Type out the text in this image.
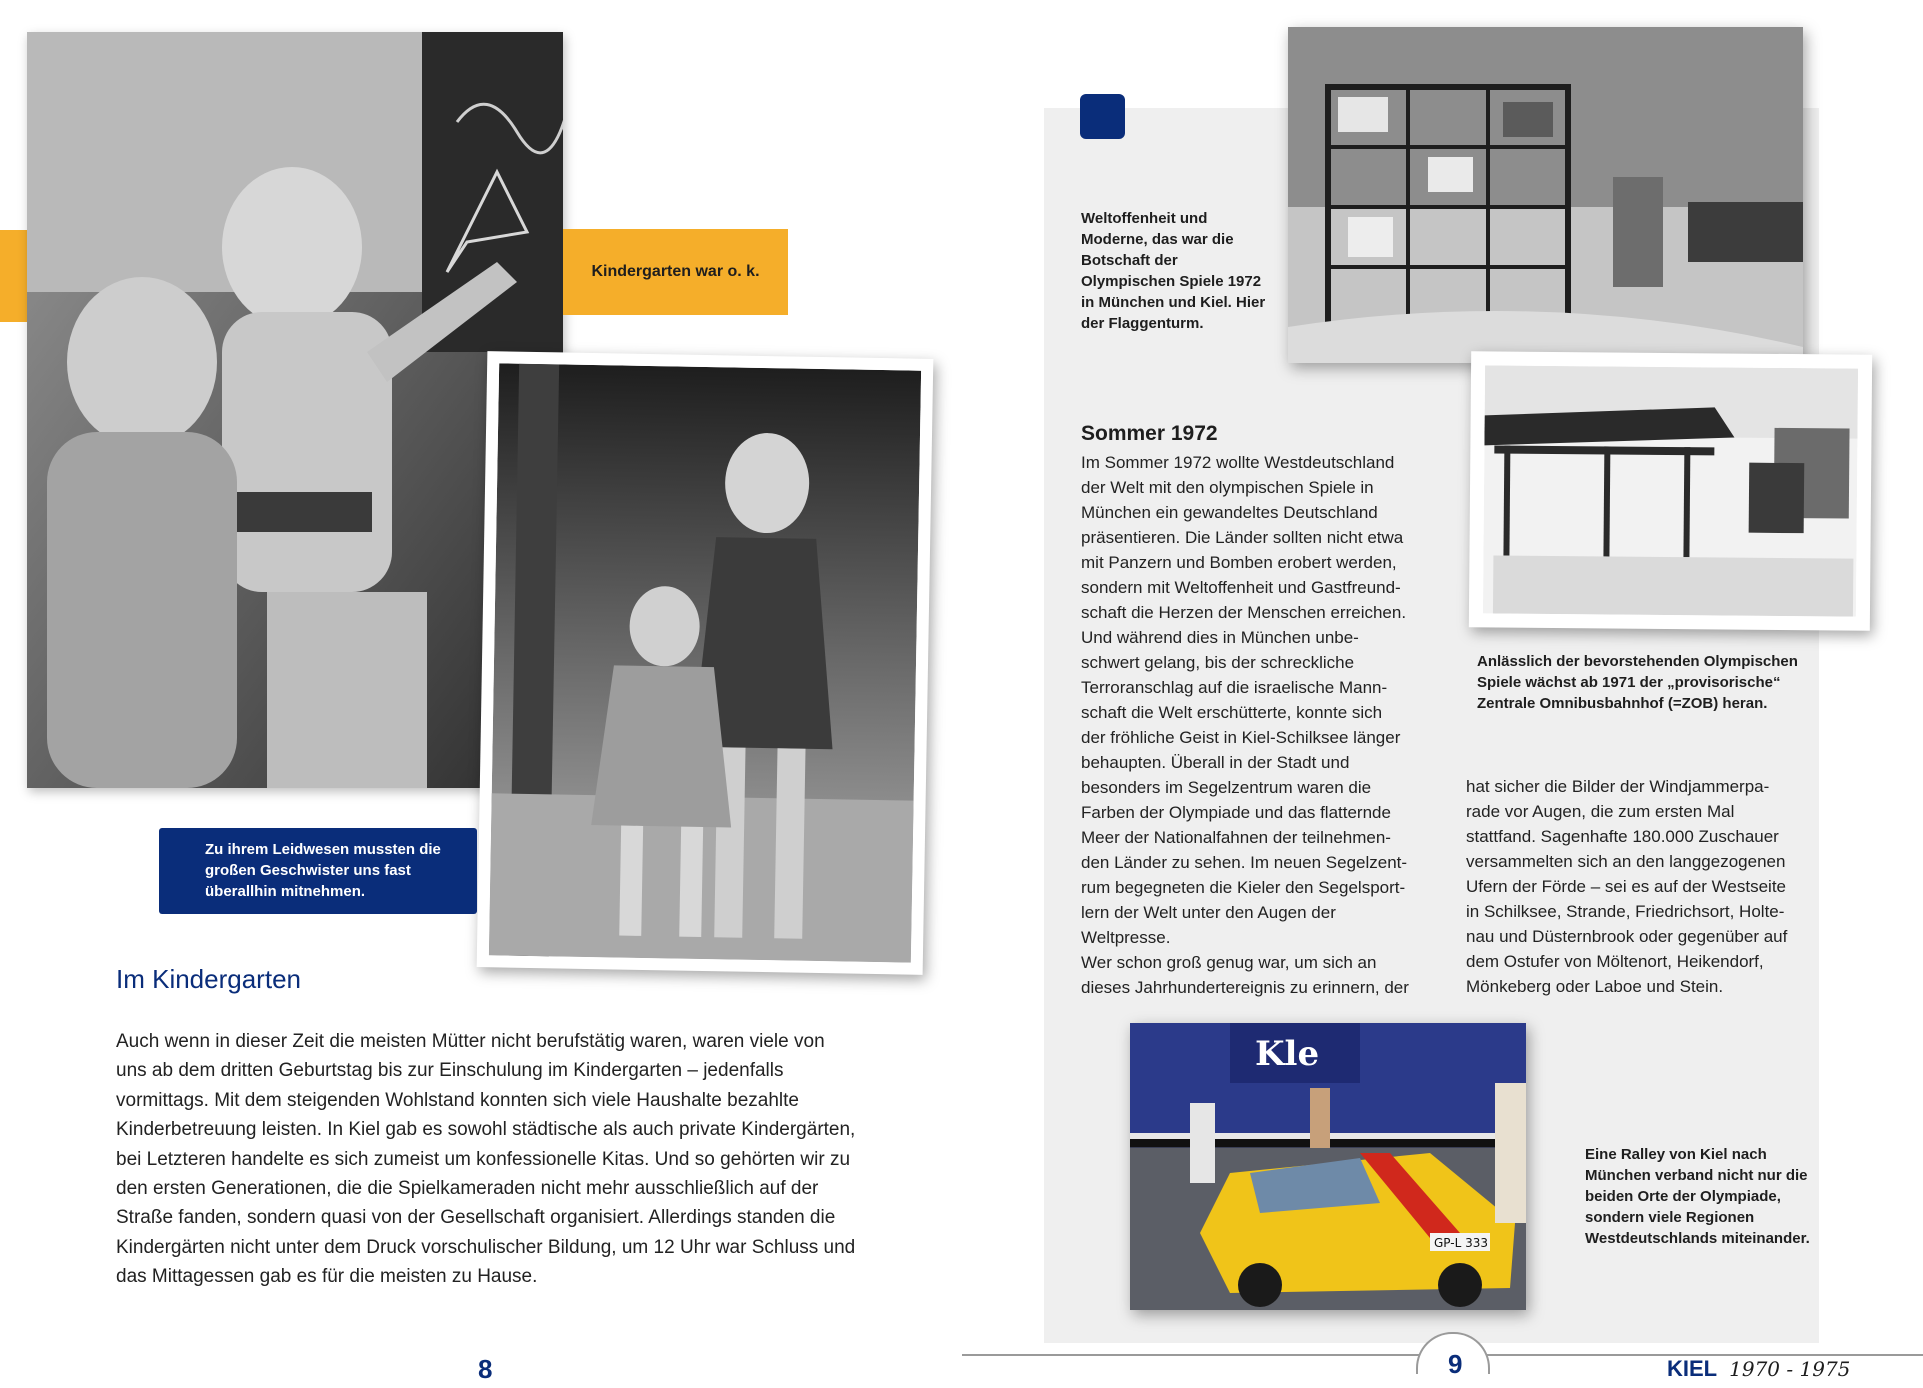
Kindergarten war o. k.
Zu ihrem Leidwesen mussten die großen Geschwister uns fast überallhin mitnehmen.
Im Kindergarten

Auch wenn in dieser Zeit die meisten Mütter nicht berufstätig waren, waren viele von uns ab dem dritten Geburtstag bis zur Einschulung im Kindergarten – jedenfalls vormittags. Mit dem steigenden Wohlstand konnten sich viele Haushalte bezahlte Kinderbetreuung leisten. In Kiel gab es sowohl städtische als auch private Kindergärten, bei Letzteren handelte es sich zumeist um konfessionelle Kitas. Und so gehörten wir zu den ersten Generationen, die die Spielkameraden nicht mehr ausschließlich auf der Straße fanden, sondern quasi von der Gesellschaft organisiert. Allerdings standen die Kindergärten nicht unter dem Druck vorschulischer Bildung, um 12 Uhr war Schluss und das Mittagessen gab es für die meisten zu Hause.

8
Weltoffenheit und Moderne, das war die Botschaft der Olympischen Spiele 1972 in München und Kiel. Hier der Flaggenturm.
Anlässlich der bevorstehenden Olympischen Spiele wächst ab 1971 der „provisorische“ Zentrale Omnibusbahnhof (=ZOB) heran.
Sommer 1972
Im Sommer 1972 wollte Westdeutschland
der Welt mit den olympischen Spiele in
München ein gewandeltes Deutschland
präsentieren. Die Länder sollten nicht etwa
mit Panzern und Bomben erobert werden,
sondern mit Weltoffenheit und Gastfreund-
schaft die Herzen der Menschen erreichen.
Und während dies in München unbe-
schwert gelang, bis der schreckliche
Terroranschlag auf die israelische Mann-
schaft die Welt erschütterte, konnte sich
der fröhliche Geist in Kiel-Schilksee länger
behaupten. Überall in der Stadt und
besonders im Segelzentrum waren die
Farben der Olympiade und das flatternde
Meer der Nationalfahnen der teilnehmen-
den Länder zu sehen. Im neuen Segelzent-
rum begegneten die Kieler den Segelsport-
lern der Welt unter den Augen der
Weltpresse.
Wer schon groß genug war, um sich an
dieses Jahrhundertereignis zu erinnern, der
hat sicher die Bilder der Windjammerpa-
rade vor Augen, die zum ersten Mal
stattfand. Sagenhafte 180.000 Zuschauer
versammelten sich an den langgezogenen
Ufern der Förde – sei es auf der Westseite
in Schilksee, Strande, Friedrichsort, Holte-
nau und Düsternbrook oder gegenüber auf
dem Ostufer von Möltenort, Heikendorf,
Mönkeberg oder Laboe und Stein.
Kle
GP-L 333
Eine Ralley von Kiel nach München verband nicht nur die beiden Orte der Olympiade, sondern viele Regionen Westdeutschlands miteinander.
9	KIEL 1970 - 1975
